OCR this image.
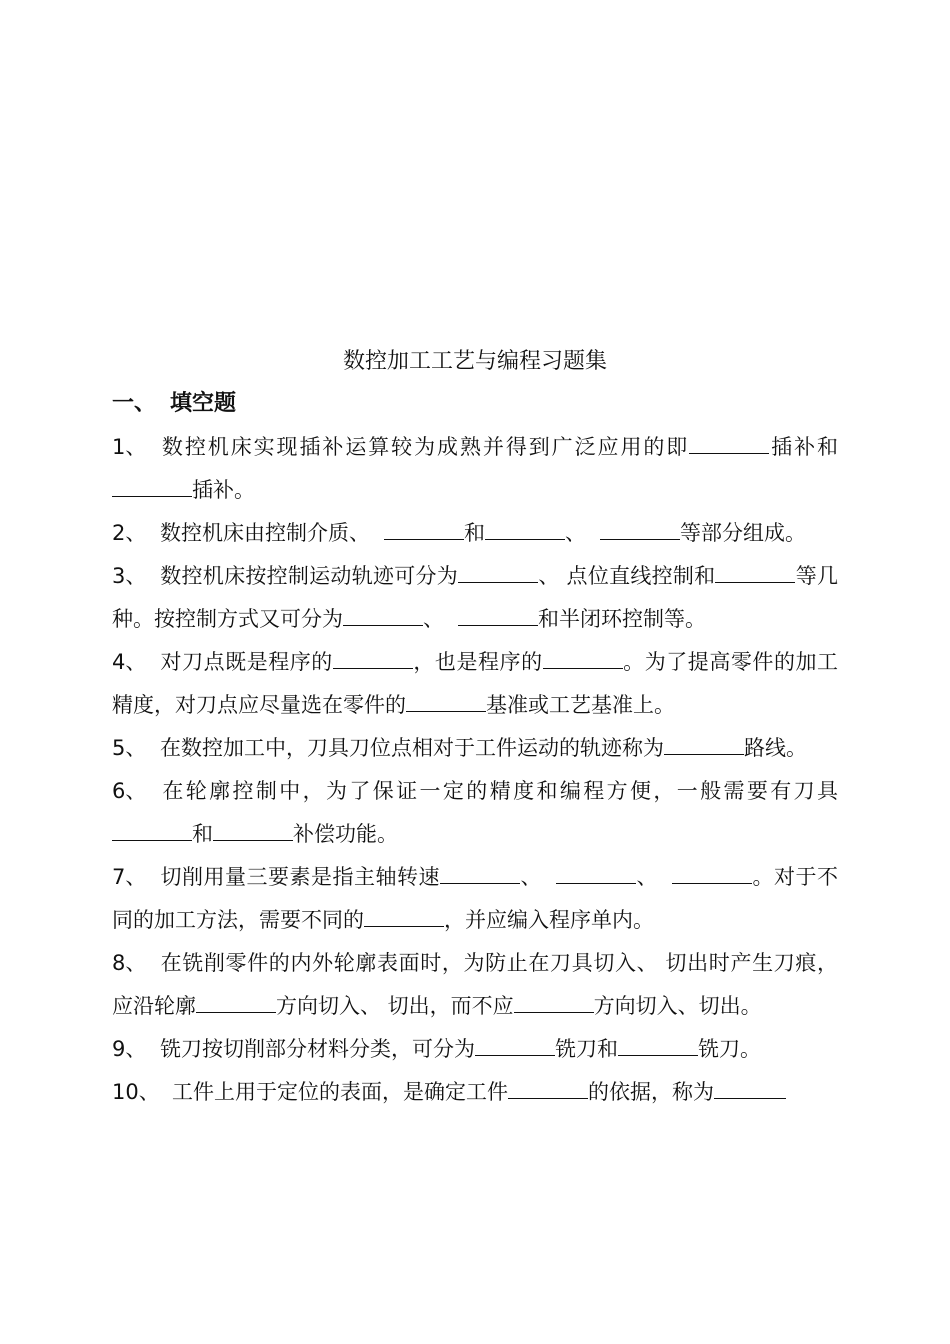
数控加工工艺与编程习题集
一、 填空题

1、 数控机床实现插补运算较为成熟并得到广泛应用的即	插补和插补。

2、 数控机床由控制介质、	和	、	等部分组成。

3、 数控机床按控制运动轨迹可分为	、 点位直线控制和	等几种。按控制方式又可分为	、	和半闭环控制等。

4、 对刀点既是程序的	，也是程序的	。为了提高零件的加工精度，对刀点应尽量选在零件的	基准或工艺基准上。

5、 在数控加工中，刀具刀位点相对于工件运动的轨迹称为	路线。

6、 在轮廓控制中，为了保证一定的精度和编程方便，一般需要有刀具和	补偿功能。

7、 切削用量三要素是指主轴转速	、	、	。对于不同的加工方法，需要不同的	，并应编入程序单内。

8、 在铣削零件的内外轮廓表面时，为防止在刀具切入、 切出时产生刀痕，应沿轮廓	方向切入、 切出，而不应	方向切入、切出。

9、 铣刀按切削部分材料分类，可分为	铣刀和	铣刀。

10、 工件上用于定位的表面，是确定工件	的依据，称为
